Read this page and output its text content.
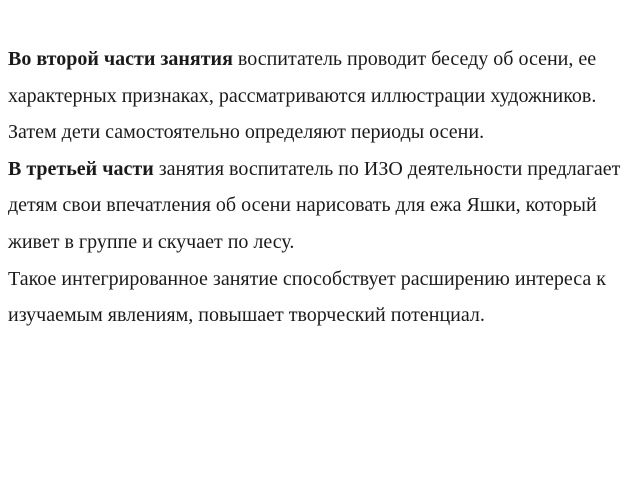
Во второй части занятия воспитатель проводит беседу об осени, ее характерных признаках, рассматриваются иллюстрации художников.

Затем дети самостоятельно определяют периоды осени.

В третьей части занятия воспитатель по ИЗО деятельности предлагает детям свои впечатления об осени нарисовать для ежа Яшки, который живет в группе и скучает по лесу.

Такое интегрированное занятие способствует расширению интереса к изучаемым явлениям, повышает творческий потенциал.
